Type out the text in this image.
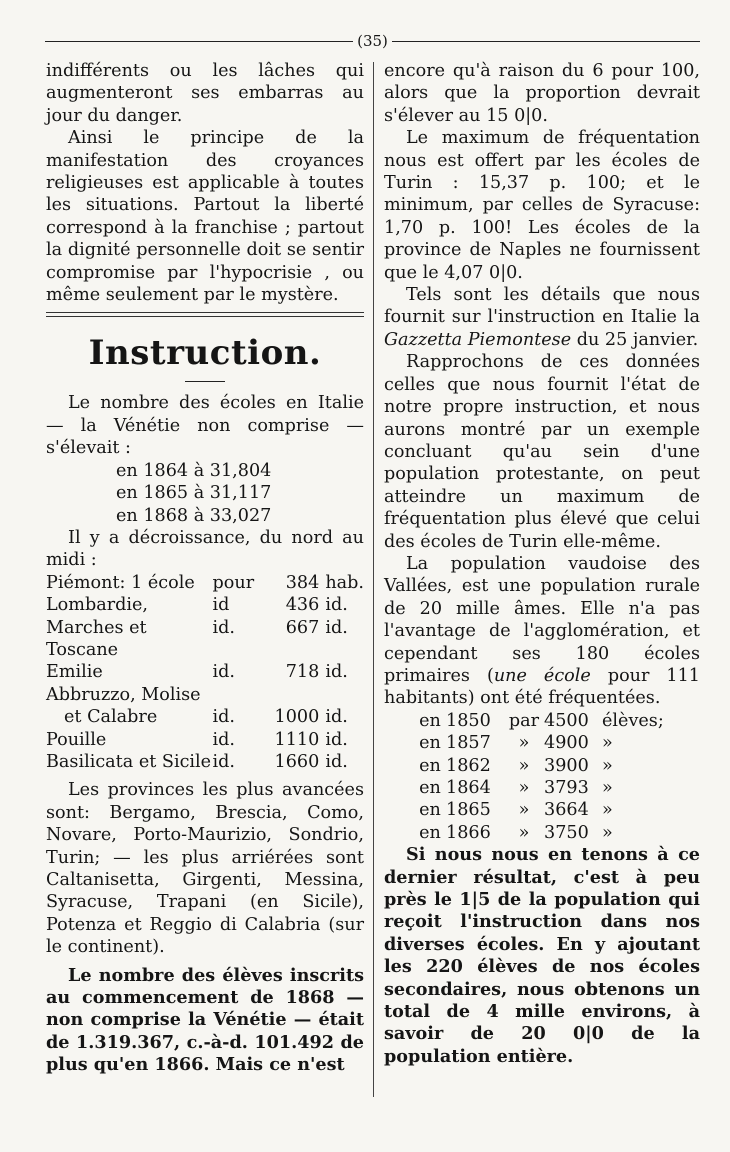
(35)

indifférents ou les lâches qui augmenteront ses embarras au jour du danger.

Ainsi le principe de la manifestation des croyances religieuses est applicable à toutes les situations. Partout la liberté correspond à la franchise ; partout la dignité personnelle doit se sentir compromise par l'hypocrisie , ou même seulement par le mystère.

Instruction.

Le nombre des écoles en Italie — la Vénétie non comprise — s'élevait :

en 1864 à 31,804
en 1865 à 31,117
en 1868 à 33,027

Il y a décroissance, du nord au midi :

Piémont: 1 école	pour	384	hab.
Lombardie,	id	436	id.
Marches et Toscane	id.	667	id.
Emilie	id.	718	id.
Abbruzzo, Molise			
et Calabre	id.	1000	id.
Pouille	id.	1110	id.
Basilicata et Sicile	id.	1660	id.

Les provinces les plus avancées sont: Bergamo, Brescia, Como, Novare, Porto-Maurizio, Sondrio, Turin; — les plus arriérées sont Caltanisetta, Girgenti, Messina, Syracuse, Trapani (en Sicile), Potenza et Reggio di Calabria (sur le continent).

Le nombre des élèves inscrits au commencement de 1868 — non comprise la Vénétie — était de 1.319.367, c.-à-d. 101.492 de plus qu'en 1866. Mais ce n'est

encore qu'à raison du 6 pour 100, alors que la proportion devrait s'élever au 15 0|0.

Le maximum de fréquentation nous est offert par les écoles de Turin : 15,37 p. 100; et le minimum, par celles de Syracuse: 1,70 p. 100! Les écoles de la province de Naples ne fournissent que le 4,07 0|0.

Tels sont les détails que nous fournit sur l'instruction en Italie la Gazzetta Piemontese du 25 janvier.

Rapprochons de ces données celles que nous fournit l'état de notre propre instruction, et nous aurons montré par un exemple concluant qu'au sein d'une population protestante, on peut atteindre un maximum de fréquentation plus élevé que celui des écoles de Turin elle-même.

La population vaudoise des Vallées, est une population rurale de 20 mille âmes. Elle n'a pas l'avantage de l'agglomération, et cependant ses 180 écoles primaires (une école pour 111 habitants) ont été fréquentées.

en 1850	par 4500 élèves;
en 1857	» 4900 »
en 1862	» 3900 »
en 1864	» 3793 »
en 1865	» 3664 »
en 1866	» 3750 »

Si nous nous en tenons à ce dernier résultat, c'est à peu près le 1|5 de la population qui reçoit l'instruction dans nos diverses écoles. En y ajoutant les 220 élèves de nos écoles secondaires, nous obtenons un total de 4 mille environs, à savoir de 20 0|0 de la population entière.
